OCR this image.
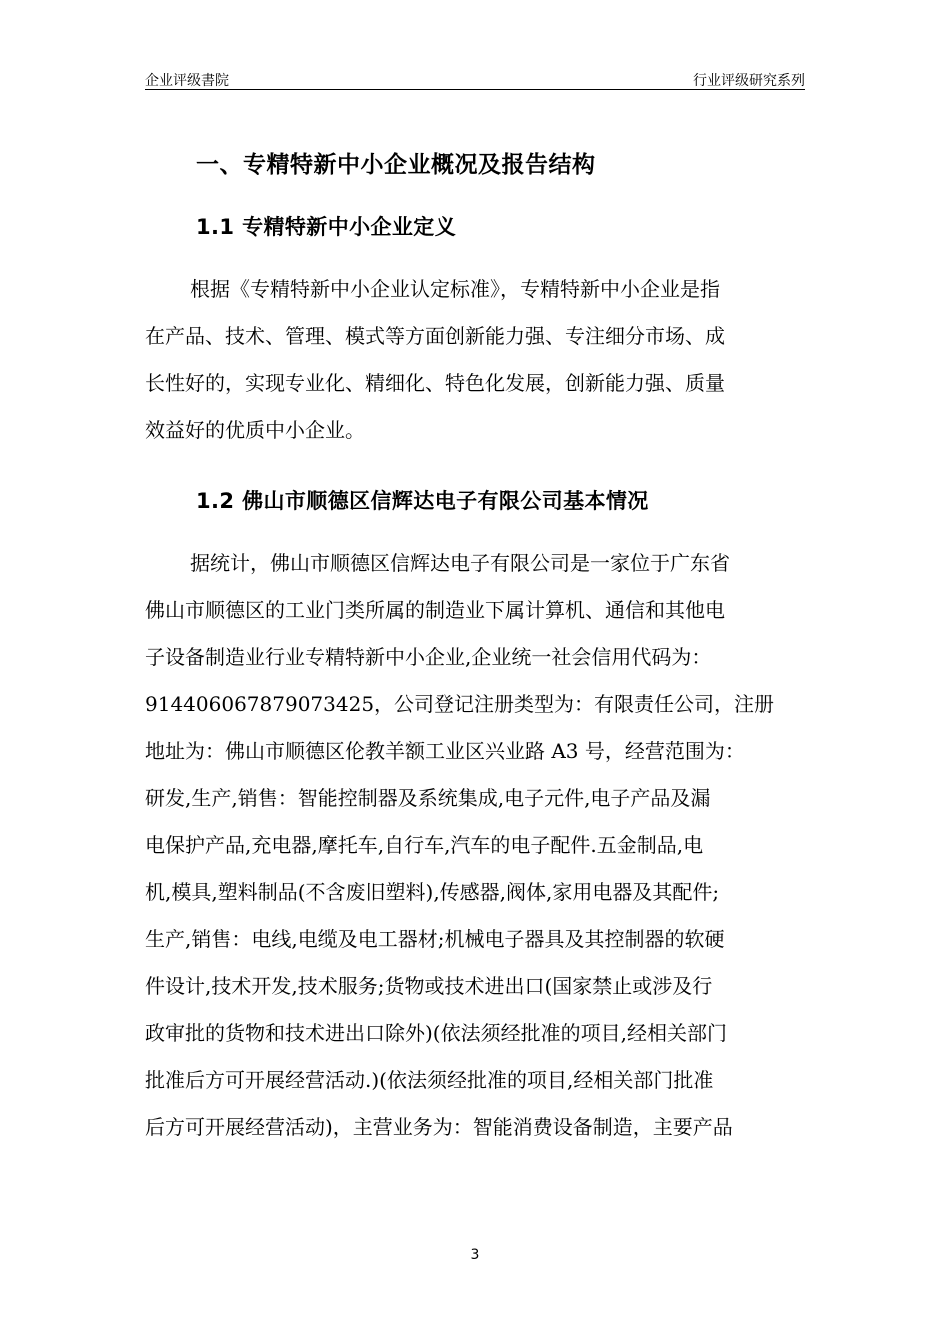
企业评级書院	行业评级研究系列
一、专精特新中小企业概况及报告结构
1.1 专精特新中小企业定义
根据《专精特新中小企业认定标准》，专精特新中小企业是指
在产品、技术、管理、模式等方面创新能力强、专注细分市场、成
长性好的，实现专业化、精细化、特色化发展，创新能力强、质量
效益好的优质中小企业。
1.2 佛山市顺德区信辉达电子有限公司基本情况
据统计，佛山市顺德区信辉达电子有限公司是一家位于广东省
佛山市顺德区的工业门类所属的制造业下属计算机、通信和其他电
子设备制造业行业专精特新中小企业,企业统一社会信用代码为：
91440606787907342​5，公司登记注册类型为：有限责任公司，注册
地址为：佛山市顺德区伦教羊额工业区兴业路 A3 号，经营范围为：
研发,生产,销售：智能控制器及系统集成,电子元件,电子产品及漏
电保护产品,充电器,摩托车,自行车,汽车的电子配件.五金制品,电
机,模具,塑料制品(不含废旧塑料),传感器,阀体,家用电器及其配件;
生产,销售：电线,电缆及电工器材;机械电子器具及其控制器的软硬
件设计,技术开发,技术服务;货物或技术进出口(国家禁止或涉及行
政审批的货物和技术进出口除外)(依法须经批准的项目,经相关部门
批准后方可开展经营活动.)(依法须经批准的项目,经相关部门批准
后方可开展经营活动)，主营业务为：智能消费设备制造，主要产品
3
